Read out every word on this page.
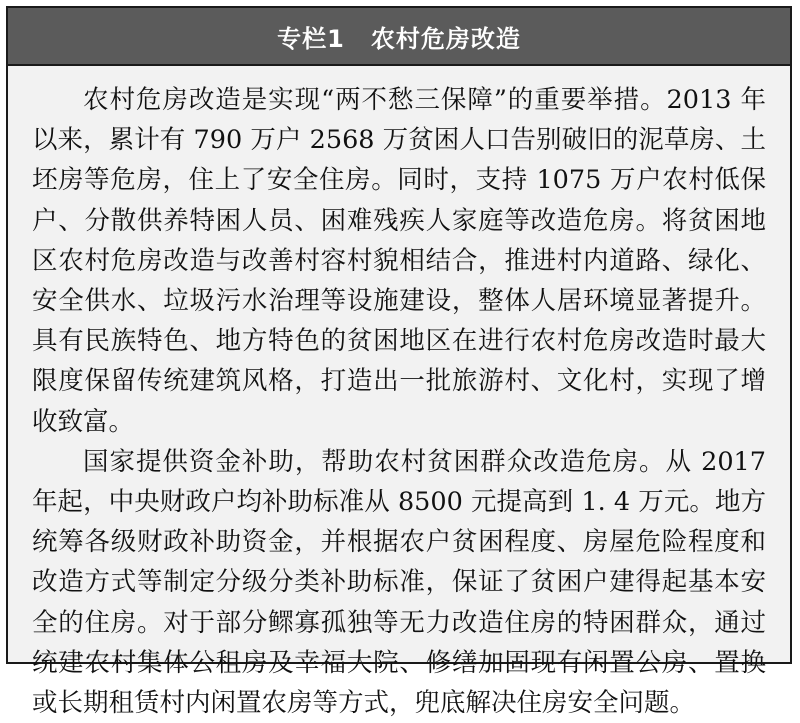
专栏1 农村危房改造

农村危房改造是实现“两不愁三保障”的重要举措。2013 年以来，累计有 790 万户 2568 万贫困人口告别破旧的泥草房、土坯房等危房，住上了安全住房。同时，支持 1075 万户农村低保户、分散供养特困人员、困难残疾人家庭等改造危房。将贫困地区农村危房改造与改善村容村貌相结合，推进村内道路、绿化、安全供水、垃圾污水治理等设施建设，整体人居环境显著提升。具有民族特色、地方特色的贫困地区在进行农村危房改造时最大限度保留传统建筑风格，打造出一批旅游村、文化村，实现了增收致富。

国家提供资金补助，帮助农村贫困群众改造危房。从 2017 年起，中央财政户均补助标准从 8500 元提高到 1. 4 万元。地方统筹各级财政补助资金，并根据农户贫困程度、房屋危险程度和改造方式等制定分级分类补助标准，保证了贫困户建得起基本安全的住房。对于部分鳏寡孤独等无力改造住房的特困群众，通过统建农村集体公租房及幸福大院、修缮加固现有闲置公房、置换或长期租赁村内闲置农房等方式，兜底解决住房安全问题。
